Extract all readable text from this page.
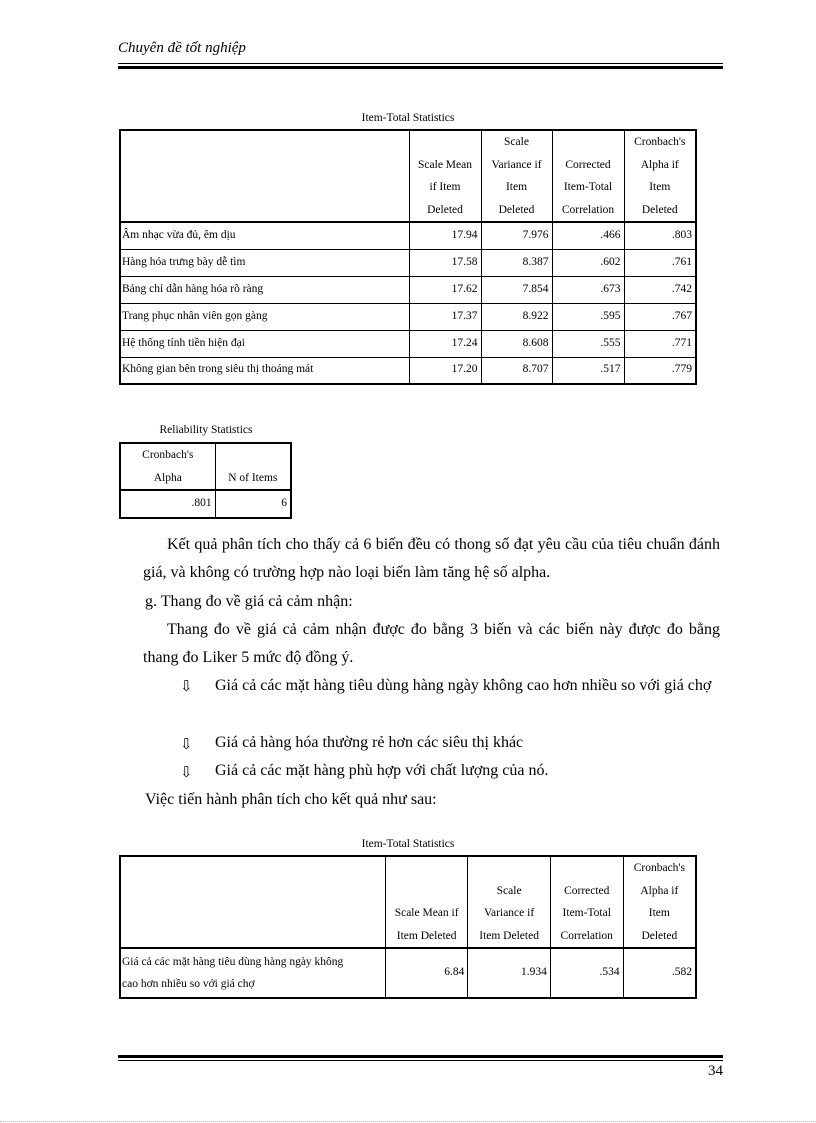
Chuyên đề tốt nghiệp
Item-Total Statistics

	Scale Mean
if Item
Deleted	Scale
Variance if
Item
Deleted	Corrected
Item-Total
Correlation	Cronbach's
Alpha if
Item
Deleted

Âm nhạc vừa đủ, êm dịu	17.94	7.976	.466	.803
Hàng hóa trưng bày dễ tìm	17.58	8.387	.602	.761
Bảng chỉ dẫn hàng hóa rõ ràng	17.62	7.854	.673	.742
Trang phục nhân viên gọn gàng	17.37	8.922	.595	.767
Hệ thống tính tiền hiện đại	17.24	8.608	.555	.771
Không gian bên trong siêu thị thoáng mát	17.20	8.707	.517	.779
Reliability Statistics
Cronbach's
Alpha	N of Items

.801	6
Kết quả phân tích cho thấy cả 6 biến đều có thong số đạt yêu cầu của tiêu chuẩn đánh giá, và không có trường hợp nào loại biến làm tăng hệ số alpha.
g. Thang đo về giá cả cảm nhận:
Thang đo về giá cả cảm nhận được đo bằng 3 biến và các biến này được đo bằng thang đo Liker 5 mức độ đồng ý.
⇩ Giá cả các mặt hàng tiêu dùng hàng ngày không cao hơn nhiều so với giá chợ
⇩ Giá cả hàng hóa thường rẻ hơn các siêu thị khác
⇩ Giá cả các mặt hàng phù hợp với chất lượng của nó.
Việc tiến hành phân tích cho kết quả như sau:
Item-Total Statistics

	Scale Mean if
Item Deleted	Scale
Variance if
Item Deleted	Corrected
Item-Total
Correlation	Cronbach's
Alpha if
Item
Deleted

Giá cả các mặt hàng tiêu dùng hàng ngày không
cao hơn nhiều so với giá chợ	6.84	1.934	.534	.582
34
